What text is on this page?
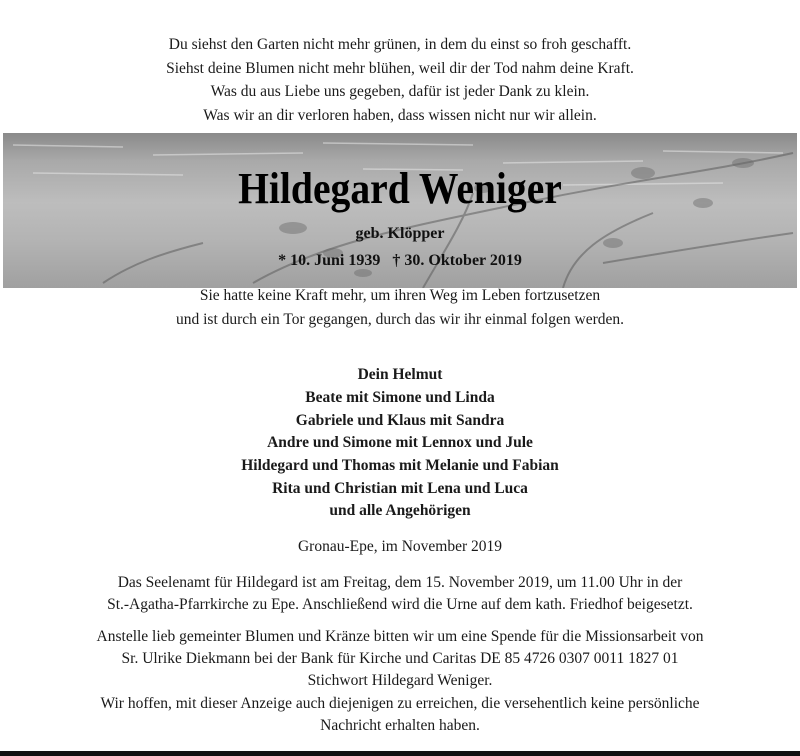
Du siehst den Garten nicht mehr grünen, in dem du einst so froh geschafft.
Siehst deine Blumen nicht mehr blühen, weil dir der Tod nahm deine Kraft.
Was du aus Liebe uns gegeben, dafür ist jeder Dank zu klein.
Was wir an dir verloren haben, dass wissen nicht nur wir allein.
Hildegard Weniger
geb. Klöpper
* 10. Juni 1939   † 30. Oktober 2019
Sie hatte keine Kraft mehr, um ihren Weg im Leben fortzusetzen
und ist durch ein Tor gegangen, durch das wir ihr einmal folgen werden.
Dein Helmut
Beate mit Simone und Linda
Gabriele und Klaus mit Sandra
Andre und Simone mit Lennox und Jule
Hildegard und Thomas mit Melanie und Fabian
Rita und Christian mit Lena und Luca
und alle Angehörigen
Gronau-Epe, im November 2019
Das Seelenamt für Hildegard ist am Freitag, dem 15. November 2019, um 11.00 Uhr in der
St.-Agatha-Pfarrkirche zu Epe. Anschließend wird die Urne auf dem kath. Friedhof beigesetzt.
Anstelle lieb gemeinter Blumen und Kränze bitten wir um eine Spende für die Missionsarbeit von
Sr. Ulrike Diekmann bei der Bank für Kirche und Caritas DE 85 4726 0307 0011 1827 01
Stichwort Hildegard Weniger.
Wir hoffen, mit dieser Anzeige auch diejenigen zu erreichen, die versehentlich keine persönliche
Nachricht erhalten haben.
